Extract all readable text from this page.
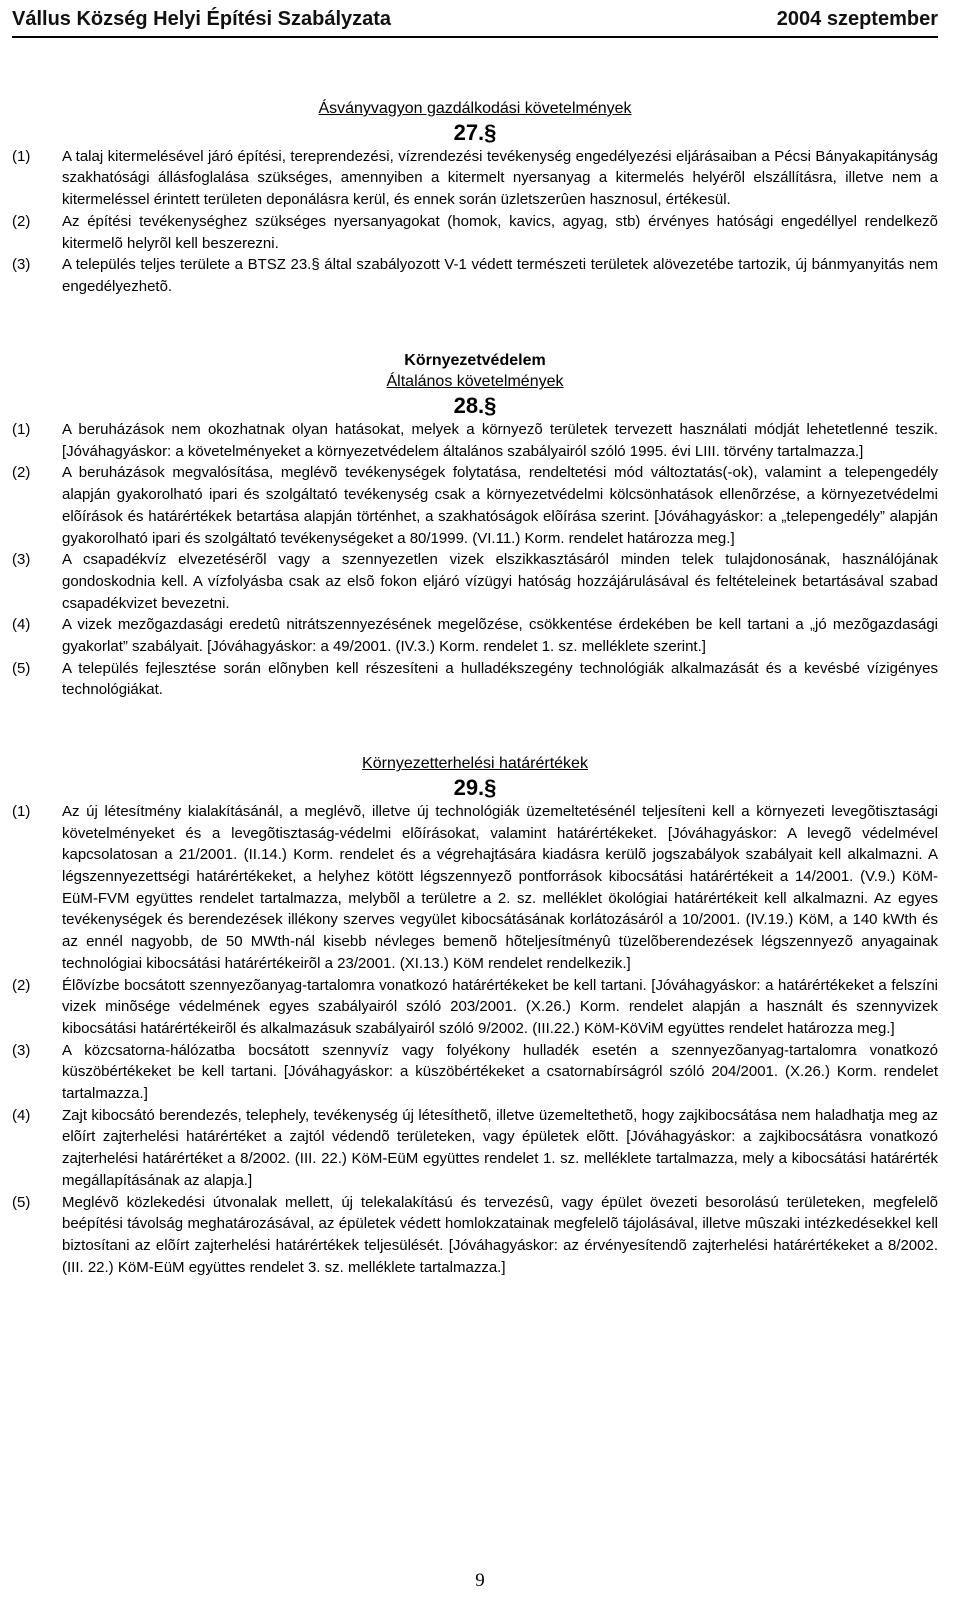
Vállus Község Helyi Építési Szabályzata	2004 szeptember

Ásványvagyon gazdálkodási követelmények

27.§

(1)	A talaj kitermelésével járó építési, tereprendezési, vízrendezési tevékenység engedélyezési eljárásaiban a Pécsi Bányakapitányság szakhatósági állásfoglalása szükséges, amennyiben a kitermelt nyersanyag a kitermelés helyérõl elszállításra, illetve nem a kitermeléssel érintett területen deponálásra kerül, és ennek során üzletszerûen hasznosul, értékesül.
(2)	Az építési tevékenységhez szükséges nyersanyagokat (homok, kavics, agyag, stb) érvényes hatósági engedéllyel rendelkezõ kitermelõ helyrõl kell beszerezni.
(3)	A település teljes területe a BTSZ 23.§ által szabályozott V-1 védett természeti területek alövezetébe tartozik, új bánmyanyitás nem engedélyezhetõ.

Környezetvédelem

Általános követelmények

28.§

(1)	A beruházások nem okozhatnak olyan hatásokat, melyek a környezõ területek tervezett használati módját lehetetlenné teszik. [Jóváhagyáskor: a követelményeket a környezetvédelem általános szabályairól szóló 1995. évi LIII. törvény tartalmazza.]
(2)	A beruházások megvalósítása, meglévõ tevékenységek folytatása, rendeltetési mód változtatás(-ok), valamint a telepengedély alapján gyakorolható ipari és szolgáltató tevékenység csak a környezetvédelmi kölcsönhatások ellenõrzése, a környezetvédelmi elõírások és határértékek betartása alapján történhet, a szakhatóságok elõírása szerint. [Jóváhagyáskor: a „telepengedély” alapján gyakorolható ipari és szolgáltató tevékenységeket a 80/1999. (VI.11.) Korm. rendelet határozza meg.]
(3)	A csapadékvíz elvezetésérõl vagy a szennyezetlen vizek elszikkasztásáról minden telek tulajdonosának, használójának gondoskodnia kell. A vízfolyásba csak az elsõ fokon eljáró vízügyi hatóság hozzájárulásával és feltételeinek betartásával szabad csapadékvizet bevezetni.
(4)	A vizek mezõgazdasági eredetû nitrátszennyezésének megelõzése, csökkentése érdekében be kell tartani a „jó mezõgazdasági gyakorlat” szabályait. [Jóváhagyáskor: a 49/2001. (IV.3.) Korm. rendelet 1. sz. melléklete szerint.]
(5)	A település fejlesztése során elõnyben kell részesíteni a hulladékszegény technológiák alkalmazását és a kevésbé vízigényes technológiákat.

Környezetterhelési határértékek

29.§

(1)	Az új létesítmény kialakításánál, a meglévõ, illetve új technológiák üzemeltetésénél teljesíteni kell a környezeti levegõtisztasági követelményeket és a levegõtisztaság-védelmi elõírásokat, valamint határértékeket. [Jóváhagyáskor: A levegõ védelmével kapcsolatosan a 21/2001. (II.14.) Korm. rendelet és a végrehajtására kiadásra kerülõ jogszabályok szabályait kell alkalmazni. A légszennyezettségi határértékeket, a helyhez kötött légszennyezõ pontforrások kibocsátási határértékeit a 14/2001. (V.9.) KöM-EüM-FVM együttes rendelet tartalmazza, melybõl a területre a 2. sz. melléklet ökológiai határértékeit kell alkalmazni. Az egyes tevékenységek és berendezések illékony szerves vegyület kibocsátásának korlátozásáról a 10/2001. (IV.19.) KöM, a 140 kWth és az ennél nagyobb, de 50 MWth-nál kisebb névleges bemenõ hõteljesítményû tüzelõberendezések légszennyezõ anyagainak technológiai kibocsátási határértékeirõl a 23/2001. (XI.13.) KöM rendelet rendelkezik.]
(2)	Élõvízbe bocsátott szennyezõanyag-tartalomra vonatkozó határértékeket be kell tartani. [Jóváhagyáskor: a határértékeket a felszíni vizek minõsége védelmének egyes szabályairól szóló 203/2001. (X.26.) Korm. rendelet alapján a használt és szennyvizek kibocsátási határértékeirõl és alkalmazásuk szabályairól szóló 9/2002. (III.22.) KöM-KöViM együttes rendelet határozza meg.]
(3)	A közcsatorna-hálózatba bocsátott szennyvíz vagy folyékony hulladék esetén a szennyezõanyag-tartalomra vonatkozó küszöbértékeket be kell tartani. [Jóváhagyáskor: a küszöbértékeket a csatornabírságról szóló 204/2001. (X.26.) Korm. rendelet tartalmazza.]
(4)	Zajt kibocsátó berendezés, telephely, tevékenység új létesíthetõ, illetve üzemeltethetõ, hogy zajkibocsátása nem haladhatja meg az elõírt zajterhelési határértéket a zajtól védendõ területeken, vagy épületek elõtt. [Jóváhagyáskor: a zajkibocsátásra vonatkozó zajterhelési határértéket a 8/2002. (III. 22.) KöM-EüM együttes rendelet 1. sz. melléklete tartalmazza, mely a kibocsátási határérték megállapításának az alapja.]
(5)	Meglévõ közlekedési útvonalak mellett, új telekalakítású és tervezésû, vagy épület övezeti besorolású területeken, megfelelõ beépítési távolság meghatározásával, az épületek védett homlokzatainak megfelelõ tájolásával, illetve mûszaki intézkedésekkel kell biztosítani az elõírt zajterhelési határértékek teljesülését. [Jóváhagyáskor: az érvényesítendõ zajterhelési határértékeket a 8/2002. (III. 22.) KöM-EüM együttes rendelet 3. sz. melléklete tartalmazza.]
9
